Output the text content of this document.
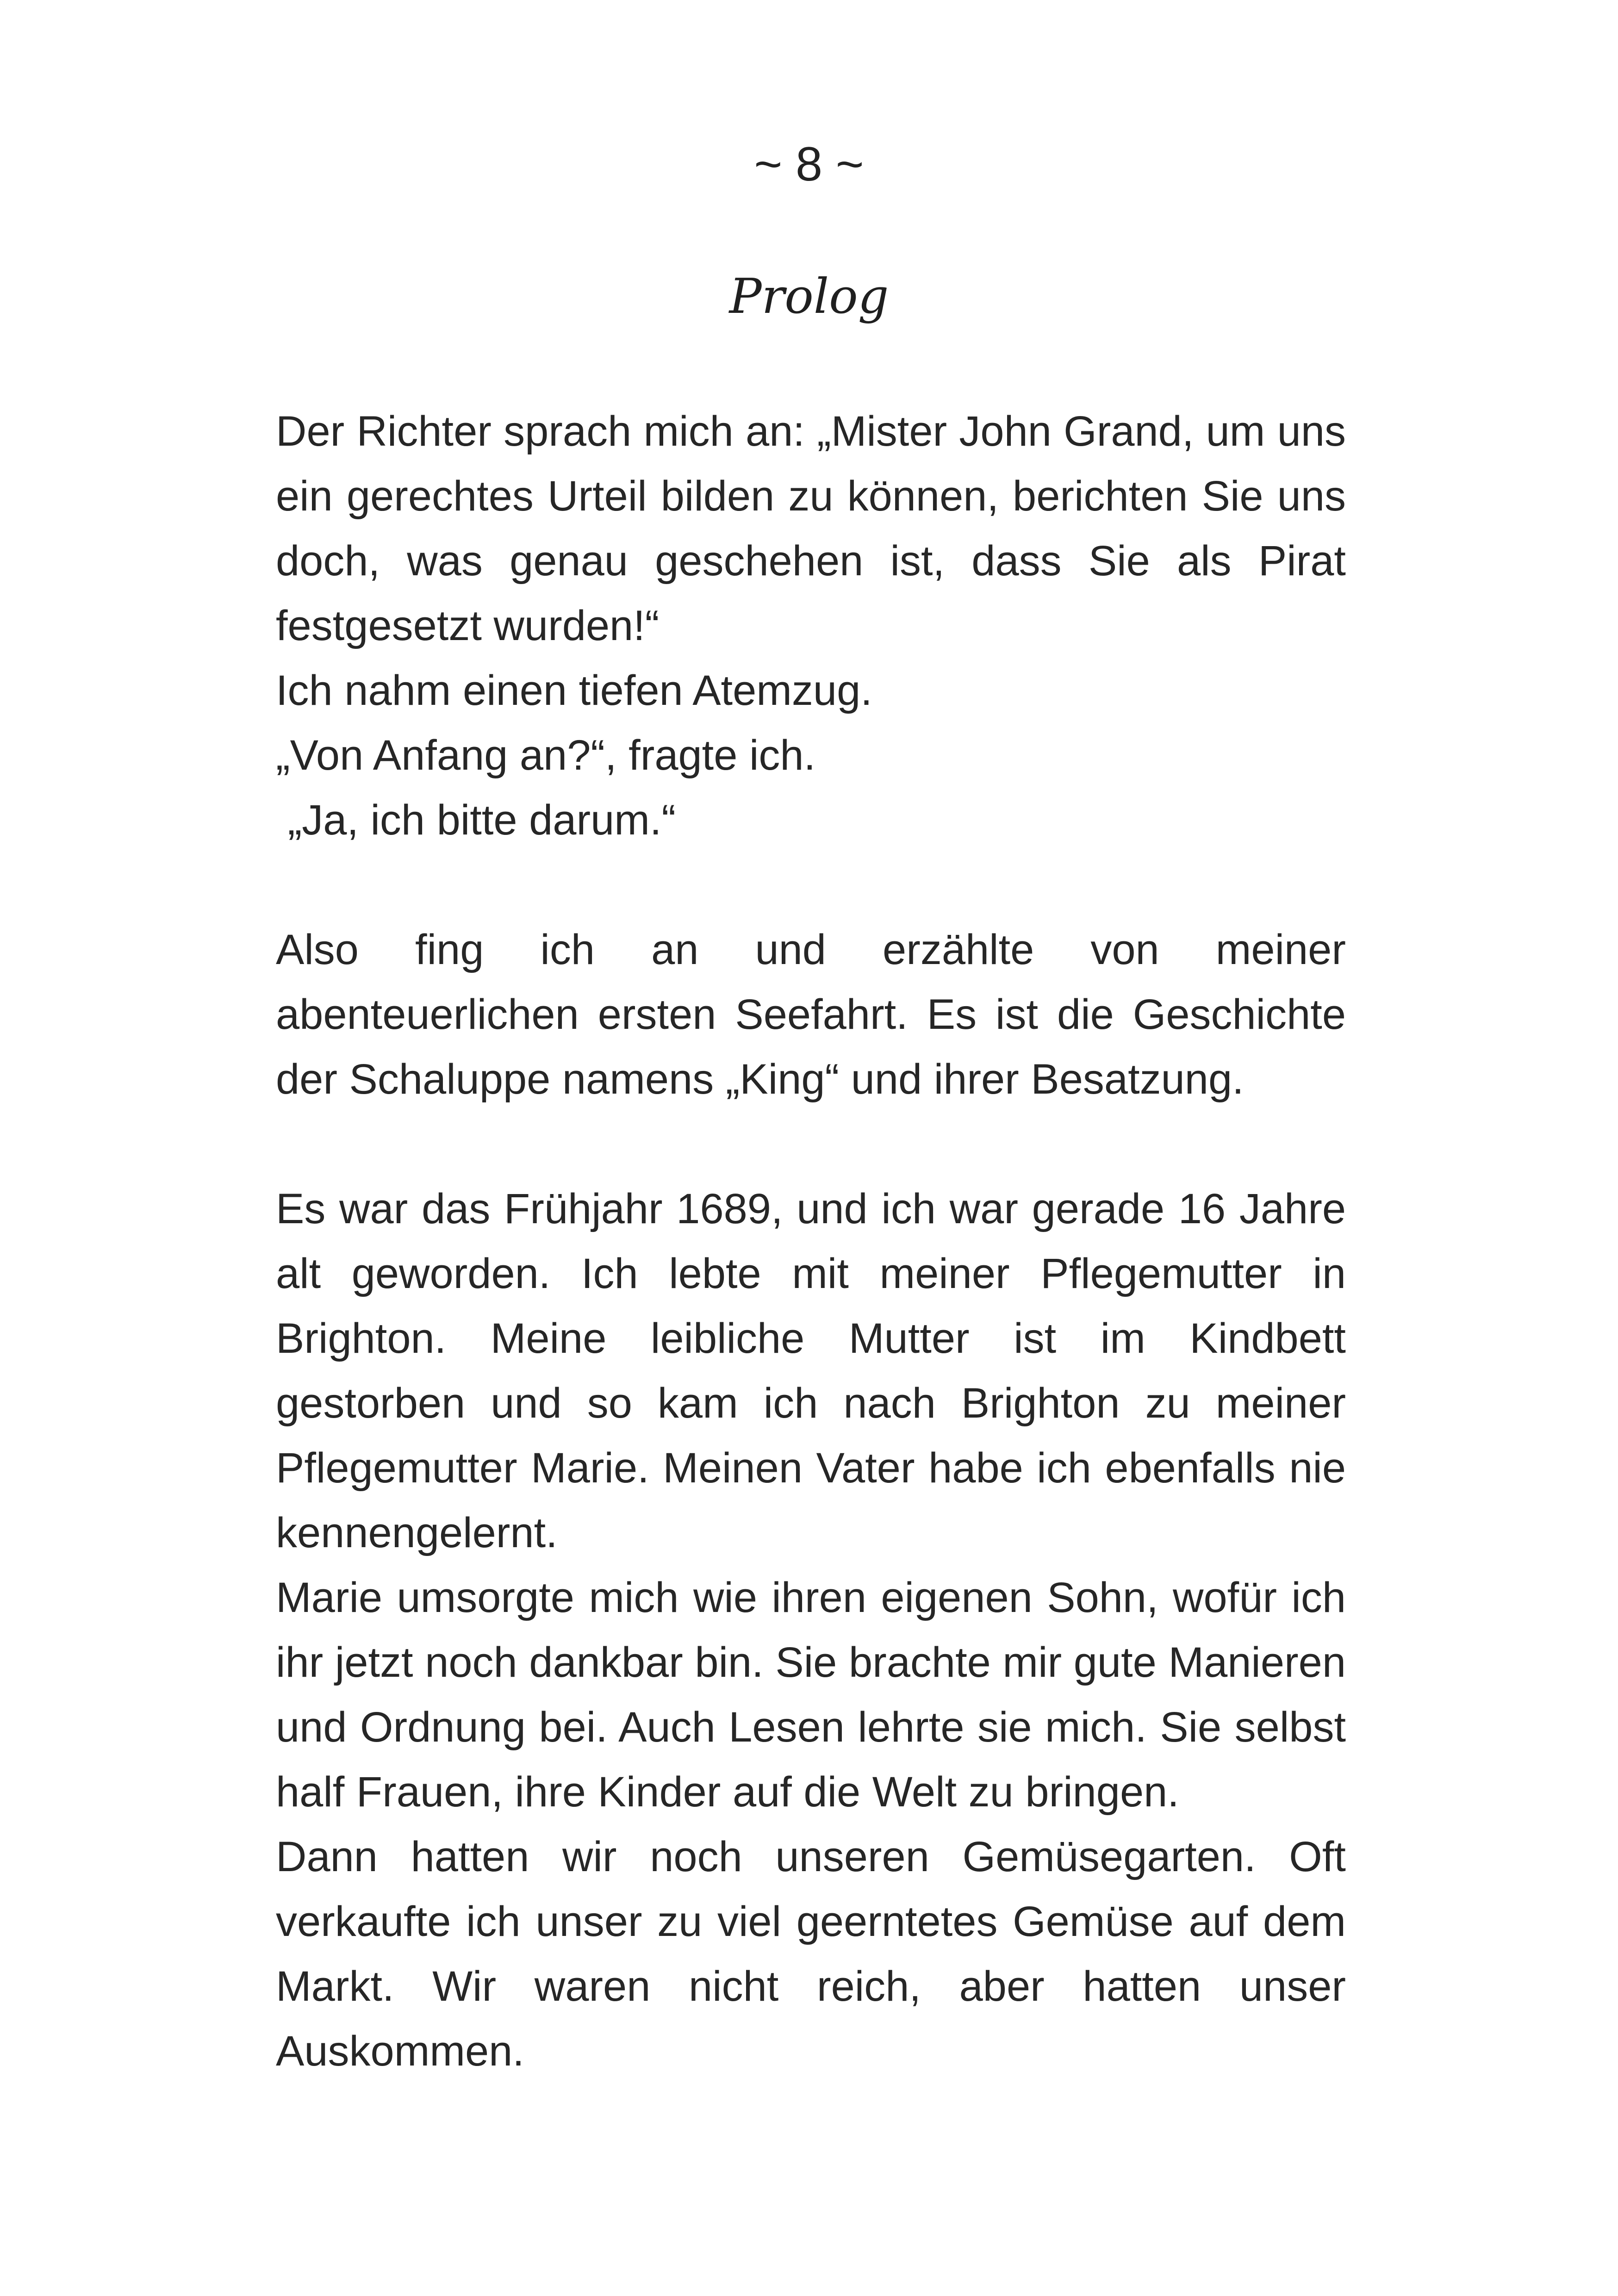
~ 8 ~
Prolog

Der Richter sprach mich an: „Mister John Grand, um uns ein gerechtes Urteil bilden zu können, berichten Sie uns doch, was genau geschehen ist, dass Sie als Pirat festgesetzt wurden!“

Ich nahm einen tiefen Atemzug.

„Von Anfang an?“, fragte ich.

„Ja, ich bitte darum.“

Also fing ich an und erzählte von meiner abenteuerlichen ersten Seefahrt. Es ist die Geschichte der Schaluppe namens „King“ und ihrer Besatzung.

Es war das Frühjahr 1689, und ich war gerade 16 Jahre alt geworden. Ich lebte mit meiner Pflegemutter in Brighton. Meine leibliche Mutter ist im Kindbett gestorben und so kam ich nach Brighton zu meiner Pflegemutter Marie. Meinen Vater habe ich ebenfalls nie kennengelernt.

Marie umsorgte mich wie ihren eigenen Sohn, wofür ich ihr jetzt noch dankbar bin. Sie brachte mir gute Manieren und Ordnung bei. Auch Lesen lehrte sie mich. Sie selbst half Frauen, ihre Kinder auf die Welt zu bringen.

Dann hatten wir noch unseren Gemüsegarten. Oft verkaufte ich unser zu viel geerntetes Gemüse auf dem Markt. Wir waren nicht reich, aber hatten unser Auskommen.
